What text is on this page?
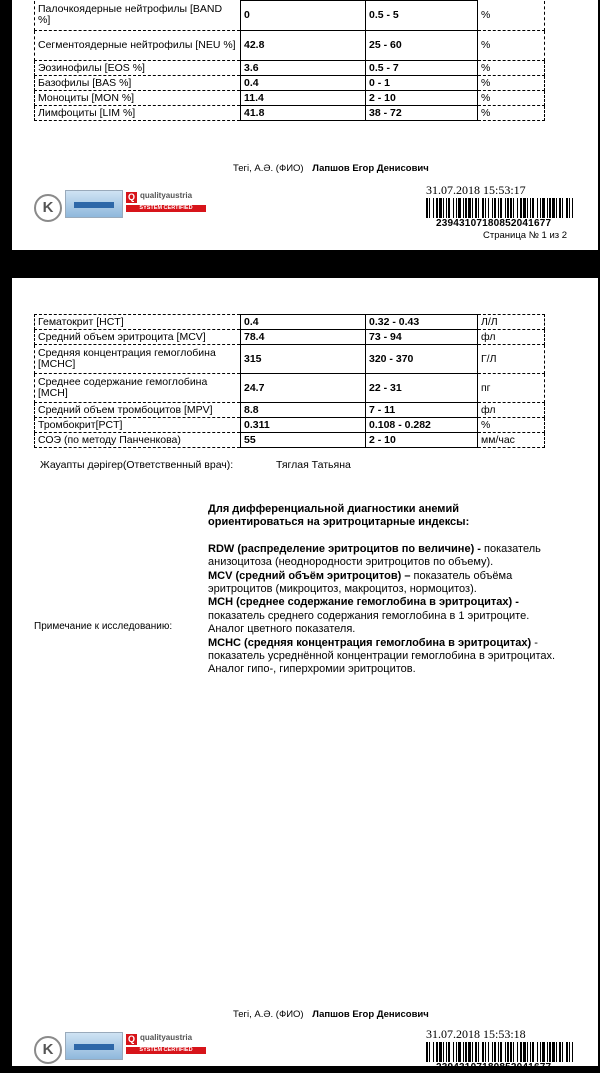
Палочкоядерные нейтрофилы [BAND %]	0	0.5 - 5	%
Сегментоядерные нейтрофилы [NEU %]	42.8	25 - 60	%
Эозинофилы [EOS %]	3.6	0.5 - 7	%
Базофилы [BAS %]	0.4	0 - 1	%
Моноциты [MON %]	11.4	2 - 10	%
Лимфоциты [LIM %]	41.8	38 - 72	%
Тегі, А.Ә. (ФИО) Лапшов Егор Денисович
K
Q qualityaustria
SYSTEM CERTIFIED
31.07.2018 15:53:17
23943107180852041677
Страница № 1 из 2
Гематокрит [HCT]	0.4	0.32 - 0.43	Л/Л
Средний объем эритроцита [MCV]	78.4	73 - 94	фл
Средняя концентрация гемоглобина [MCHC]	315	320 - 370	Г/Л
Среднее содержание гемоглобина [MCH]	24.7	22 - 31	пг
Средний объем тромбоцитов [MPV]	8.8	7 - 11	фл
Тромбокрит[PCT]	0.311	0.108 - 0.282	%
СОЭ (по методу Панченкова)	55	2 - 10	мм/час
Жауапты дәрігер(Ответственный врач):	Тяглая Татьяна
Примечание к исследованию:

Для дифференциальной диагностики анемий ориентироваться на эритроцитарные индексы:

RDW (распределение эритроцитов по величине) - показатель анизоцитоза (неоднородности эритроцитов по объему).

MCV (средний объём эритроцитов) – показатель объёма эритроцитов (микроцитоз, макроцитоз, нормоцитоз).

MCH (среднее содержание гемоглобина в эритроцитах) - показатель среднего содержания гемоглобина в 1 эритроците. Аналог цветного показателя.

MCHC (средняя концентрация гемоглобина в эритроцитах) - показатель усреднённой концентрации гемоглобина в эритроцитах. Аналог гипо-, гиперхромии эритроцитов.

Тегі, А.Ә. (ФИО) Лапшов Егор Денисович
K
Q qualityaustria
SYSTEM CERTIFIED
31.07.2018 15:53:18
23943107180852041677
